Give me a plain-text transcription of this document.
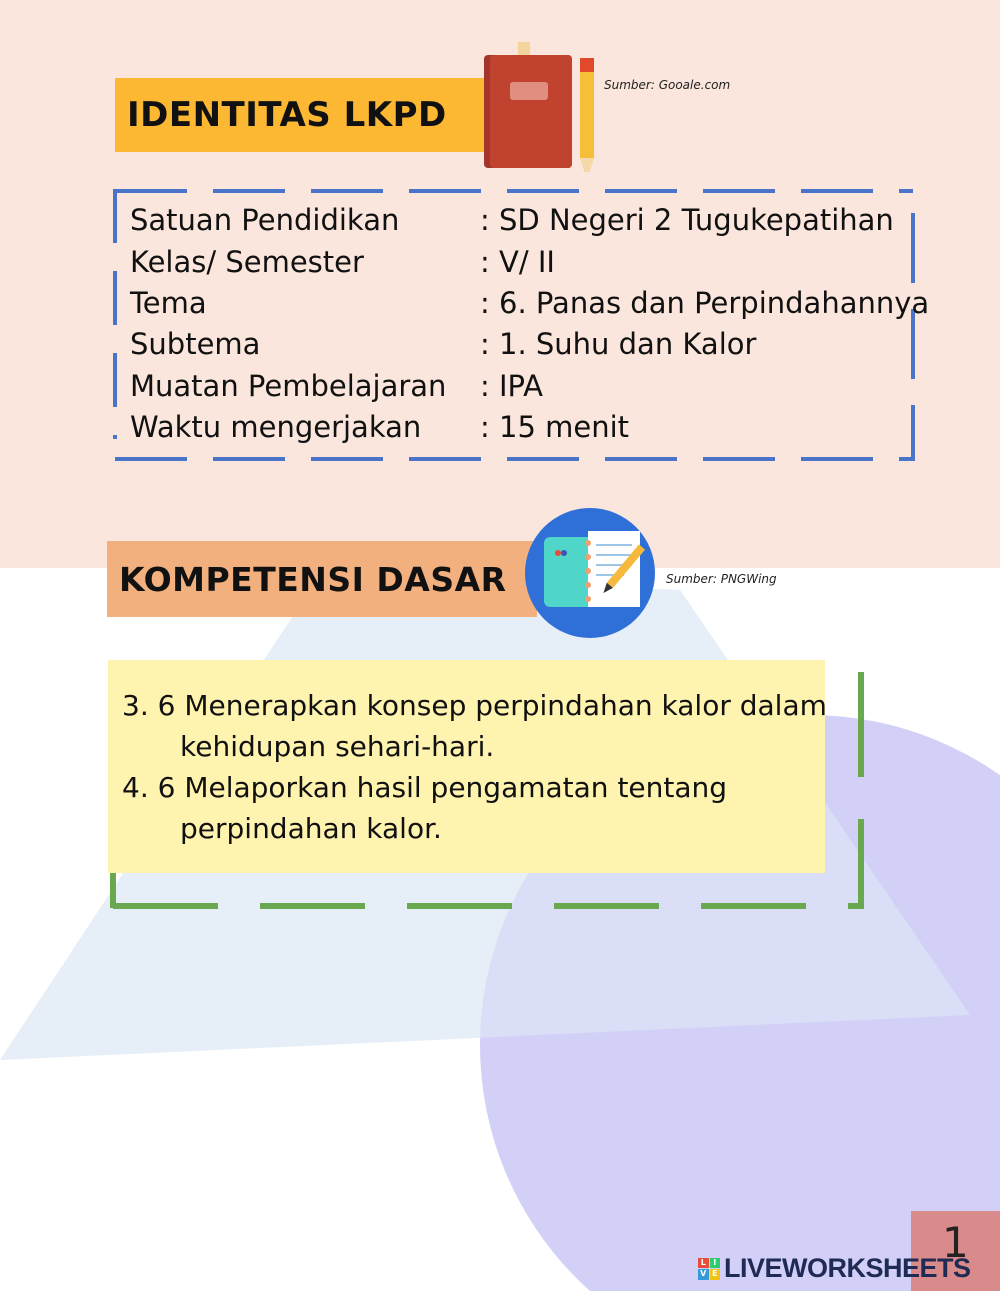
IDENTITAS LKPD
Sumber: Gooale.com
Satuan Pendidikan	: SD Negeri 2 Tugukepatihan
Kelas/ Semester	: V/ II
Tema	: 6. Panas dan Perpindahannya
Subtema	: 1. Suhu dan Kalor
Muatan Pembelajaran : IPA
Waktu mengerjakan : 15 menit
KOMPETENSI DASAR	Sumber: PNGWing
3. 6 Menerapkan konsep perpindahan kalor dalam
kehidupan sehari-hari.
4. 6 Melaporkan hasil pengamatan tentang
perpindahan kalor.
1
L I
V E LIVEWORKSHEETS
